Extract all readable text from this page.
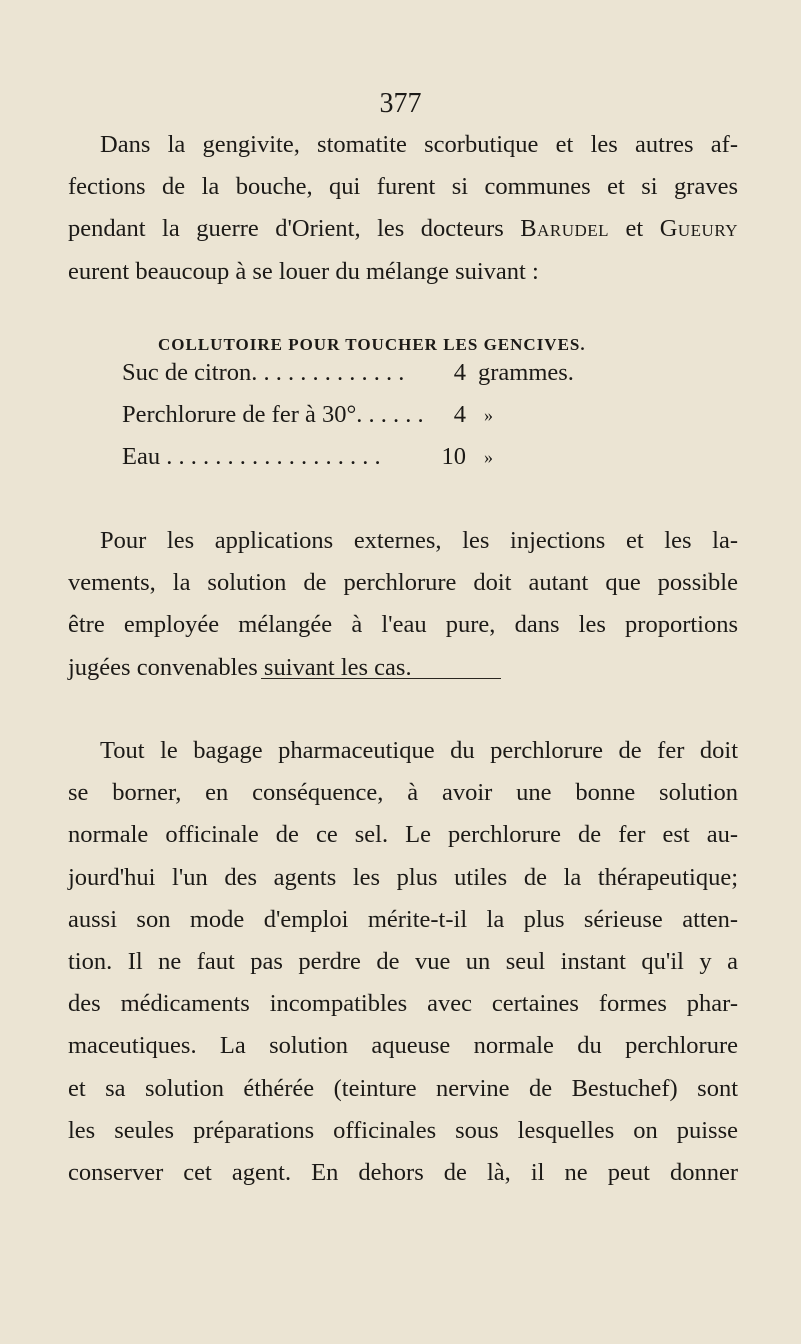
377

Dans la gengivite, stomatite scorbutique et les autres af-
fections de la bouche, qui furent si communes et si graves
pendant la guerre d'Orient, les docteurs Barudel et Gueury
eurent beaucoup à se louer du mélange suivant :

COLLUTOIRE POUR TOUCHER LES GENCIVES.
Suc de citron. . . . . . . . . . . . .	4 grammes.
Perchlorure de fer à 30°. . . . . .	4 »
Eau . . . . . . . . . . . . . . . . . .	10 »

Pour les applications externes, les injections et les la-
vements, la solution de perchlorure doit autant que possible
être employée mélangée à l'eau pure, dans les proportions
jugées convenables suivant les cas.

Tout le bagage pharmaceutique du perchlorure de fer doit
se borner, en conséquence, à avoir une bonne solution
normale officinale de ce sel. Le perchlorure de fer est au-
jourd'hui l'un des agents les plus utiles de la thérapeutique;
aussi son mode d'emploi mérite-t-il la plus sérieuse atten-
tion. Il ne faut pas perdre de vue un seul instant qu'il y a
des médicaments incompatibles avec certaines formes phar-
maceutiques. La solution aqueuse normale du perchlorure
et sa solution éthérée (teinture nervine de Bestuchef) sont
les seules préparations officinales sous lesquelles on puisse
conserver cet agent. En dehors de là, il ne peut donner
